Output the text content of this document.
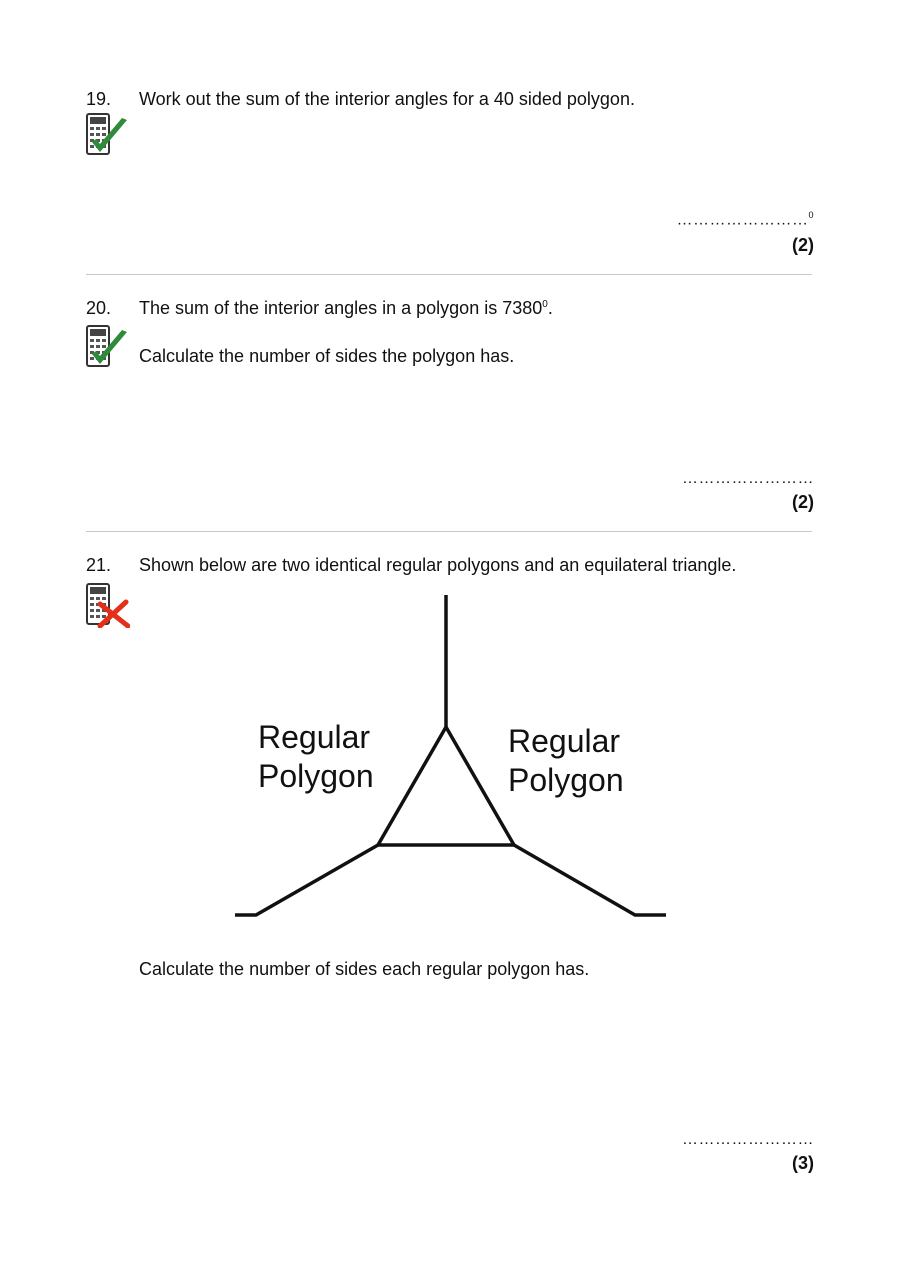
19. Work out the sum of the interior angles for a 40 sided polygon.
……………………$^0$
(2)
20. The sum of the interior angles in a polygon is 7380$^0$.
Calculate the number of sides the polygon has.
……………………
(2)
21. Shown below are two identical regular polygons and an equilateral triangle.
Regular
Polygon
Regular
Polygon
Calculate the number of sides each regular polygon has.
……………………
(3)
